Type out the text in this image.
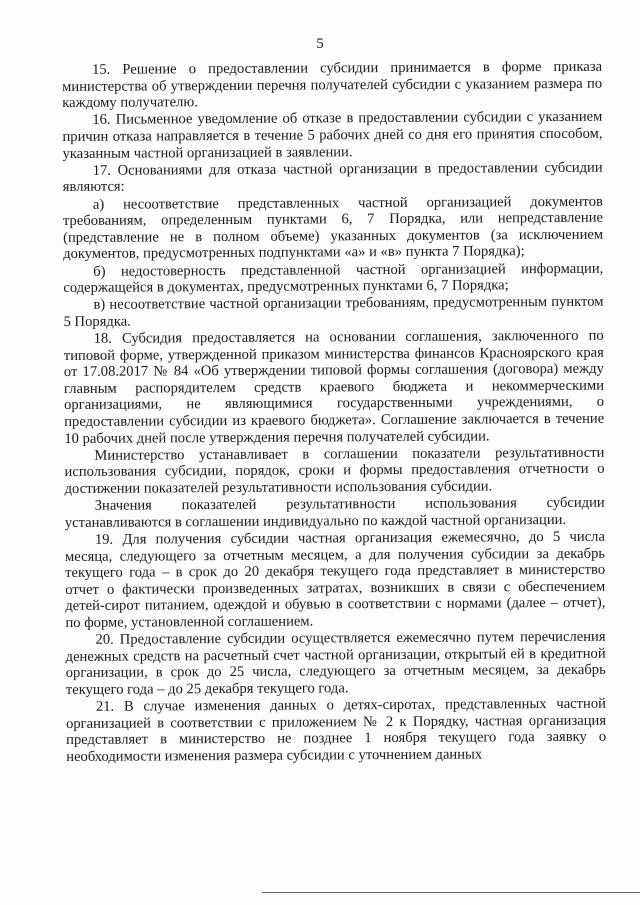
5

15. Решение о предоставлении субсидии принимается в форме приказа министерства об утверждении перечня получателей субсидии с указанием размера по каждому получателю.

16. Письменное уведомление об отказе в предоставлении субсидии с указанием причин отказа направляется в течение 5 рабочих дней со дня его принятия способом, указанным частной организацией в заявлении.

17. Основаниями для отказа частной организации в предоставлении субсидии являются:

а) несоответствие представленных частной организацией документов требованиям, определенным пунктами 6, 7 Порядка, или непредставление (представление не в полном объеме) указанных документов (за исключением документов, предусмотренных подпунктами «а» и «в» пункта 7 Порядка);

б) недостоверность представленной частной организацией информации, содержащейся в документах, предусмотренных пунктами 6, 7 Порядка;

в) несоответствие частной организации требованиям, предусмотренным пунктом 5 Порядка.

18. Субсидия предоставляется на основании соглашения, заключенного по типовой форме, утвержденной приказом министерства финансов Красноярского края от 17.08.2017 № 84 «Об утверждении типовой формы соглашения (договора) между главным распорядителем средств краевого бюджета и некоммерческими организациями, не являющимися государственными учреждениями, о предоставлении субсидии из краевого бюджета». Соглашение заключается в течение 10 рабочих дней после утверждения перечня получателей субсидии.

Министерство устанавливает в соглашении показатели результативности использования субсидии, порядок, сроки и формы предоставления отчетности о достижении показателей результативности использования субсидии.

Значения показателей результативности использования субсидии устанавливаются в соглашении индивидуально по каждой частной организации.

19. Для получения субсидии частная организация ежемесячно, до 5 числа месяца, следующего за отчетным месяцем, а для получения субсидии за декабрь текущего года – в срок до 20 декабря текущего года представляет в министерство отчет о фактически произведенных затратах, возникших в связи с обеспечением детей-сирот питанием, одеждой и обувью в соответствии с нормами (далее – отчет), по форме, установленной соглашением.

20. Предоставление субсидии осуществляется ежемесячно путем перечисления денежных средств на расчетный счет частной организации, открытый ей в кредитной организации, в срок до 25 числа, следующего за отчетным месяцем, за декабрь текущего года – до 25 декабря текущего года.

21. В случае изменения данных о детях-сиротах, представленных частной организацией в соответствии с приложением № 2 к Порядку, частная организация представляет в министерство не позднее 1 ноября текущего года заявку о необходимости изменения размера субсидии с уточнением данных
